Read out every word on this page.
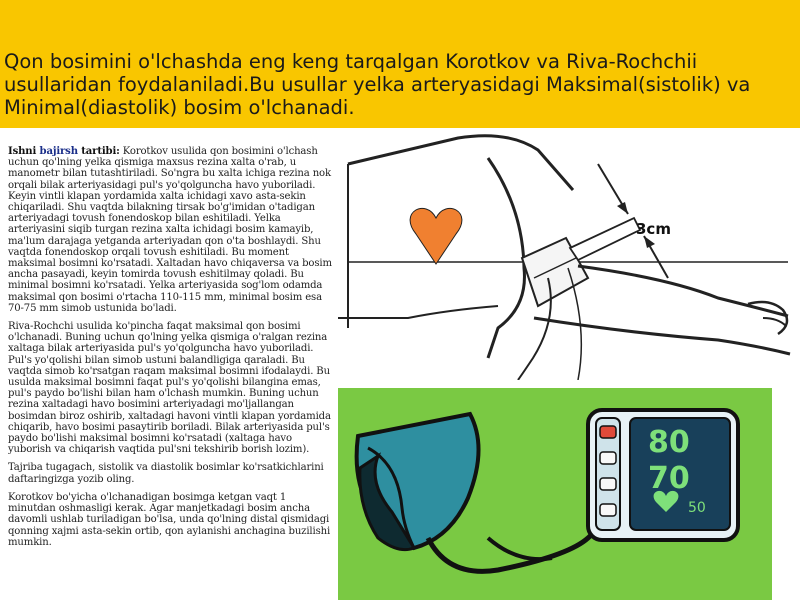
Qon bosimini o'lchashda eng keng tarqalgan Korotkov va Riva-Rochchii usullaridan foydalaniladi.Bu usullar yelka arteryasidagi Maksimal(sistolik) va Minimal(diastolik) bosim o'lchanadi.

Ishni bajirsh tartibi: Korotkov usulida qon bosimini o'lchash uchun qo'lning yelka qismiga maxsus rezina xalta o'rab, u manometr bilan tutashtiriladi. So'ngra bu xalta ichiga rezina nok orqali bilak arteriyasidagi pul's yo'qolguncha havo yuboriladi. Keyin vintli klapan yordamida xalta ichidagi xavo asta-sekin chiqariladi. Shu vaqtda bilakning tirsak bo'g'imidan o'tadigan arteriyadagi tovush fonendoskop bilan eshitiladi. Yelka arteriyasini siqib turgan rezina xalta ichidagi bosim kamayib, ma'lum darajaga yetganda arteriyadan qon o'ta boshlaydi. Shu vaqtda fonendoskop orqali tovush eshitiladi. Bu moment maksimal bosimni ko'rsatadi. Xaltadan havo chiqaversa va bosim ancha pasayadi, keyin tomirda tovush eshitilmay qoladi. Bu minimal bosimni ko'rsatadi. Yelka arteriyasida sog'lom odamda maksimal qon bosimi o'rtacha 110-115 mm, minimal bosim esa 70-75 mm simob ustunida bo'ladi.

Riva-Rochchi usulida ko'pincha faqat maksimal qon bosimi o'lchanadi. Buning uchun qo'lning yelka qismiga o'ralgan rezina xaltaga bilak arteriyasida pul's yo'qolguncha havo yuboriladi. Pul's yo'qolishi bilan simob ustuni balandligiga qaraladi. Bu vaqtda simob ko'rsatgan raqam maksimal bosimni ifodalaydi. Bu usulda maksimal bosimni faqat pul's yo'qolishi bilangina emas, pul's paydo bo'lishi bilan ham o'lchash mumkin. Buning uchun rezina xaltadagi havo bosimini arteriyadagi mo'ljallangan bosimdan biroz oshirib, xaltadagi havoni vintli klapan yordamida chiqarib, havo bosimi pasaytirib boriladi. Bilak arteriyasida pul's paydo bo'lishi maksimal bosimni ko'rsatadi (xaltaga havo yuborish va chiqarish vaqtida pul'sni tekshirib borish lozim).

Tajriba tugagach, sistolik va diastolik bosimlar ko'rsatkichlarini daftaringizga yozib oling.

Korotkov bo'yicha o'lchanadigan bosimga ketgan vaqt 1 minutdan oshmasligi kerak. Agar manjetkadagi bosim ancha davomli ushlab turiladigan bo'lsa, unda qo'lning distal qismidagi qonning xajmi asta-sekin ortib, qon aylanishi anchagina buzilishi mumkin.

3cm
80
70
50
